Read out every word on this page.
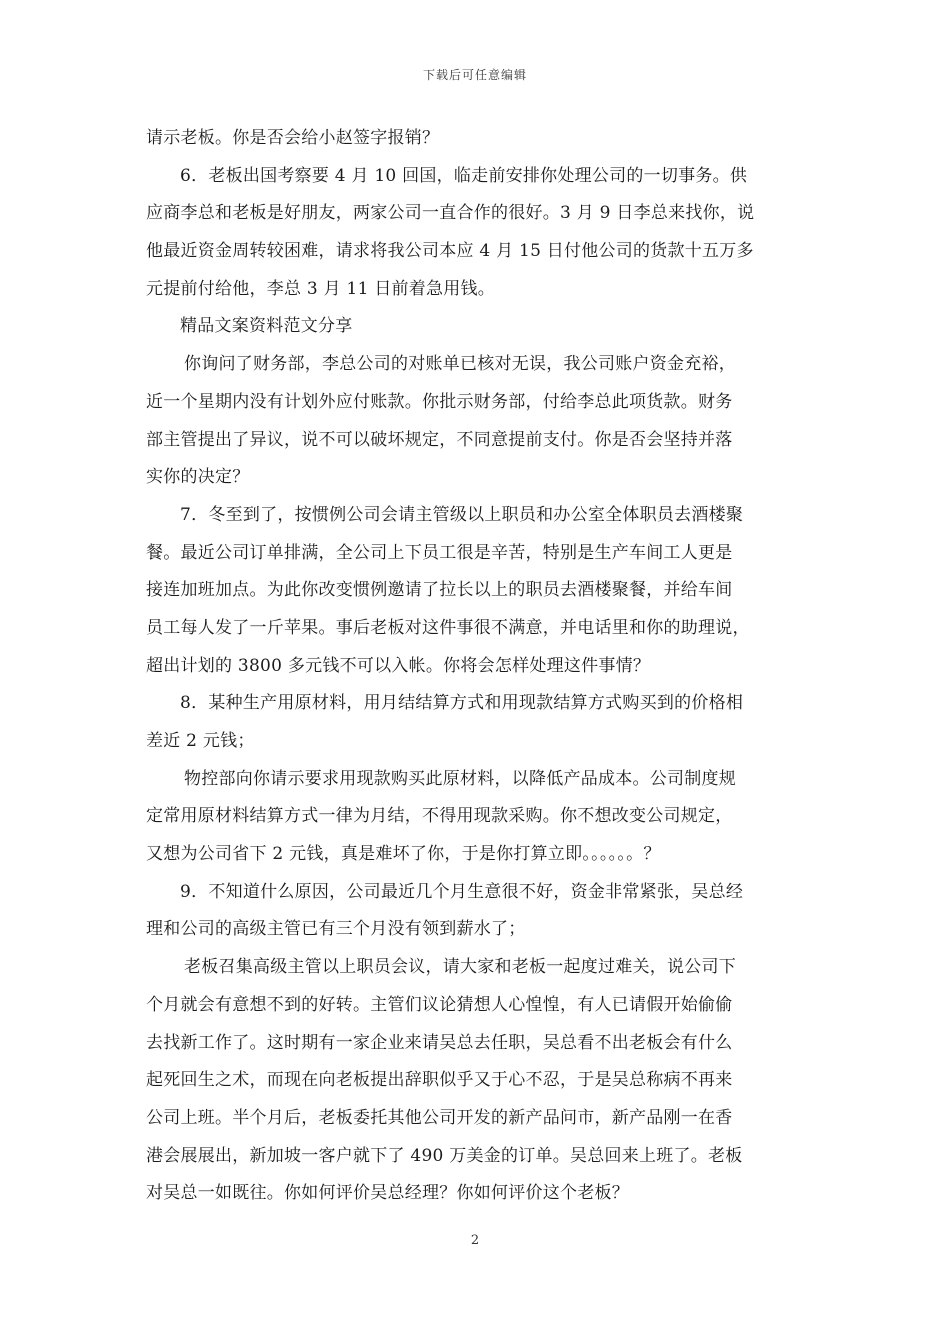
下载后可任意编辑
请示老板。你是否会给小赵签字报销？
6．老板出国考察要 4 月 10 回国，临走前安排你处理公司的一切事务。供
应商李总和老板是好朋友，两家公司一直合作的很好。3 月 9 日李总来找你，说
他最近资金周转较困难，请求将我公司本应 4 月 15 日付他公司的货款十五万多
元提前付给他，李总 3 月 11 日前着急用钱。
精品文案资料范文分享
你询问了财务部，李总公司的对账单已核对无误，我公司账户资金充裕，
近一个星期内没有计划外应付账款。你批示财务部，付给李总此项货款。财务
部主管提出了异议，说不可以破坏规定，不同意提前支付。你是否会坚持并落
实你的决定？
7．冬至到了，按惯例公司会请主管级以上职员和办公室全体职员去酒楼聚
餐。最近公司订单排满，全公司上下员工很是辛苦，特别是生产车间工人更是
接连加班加点。为此你改变惯例邀请了拉长以上的职员去酒楼聚餐，并给车间
员工每人发了一斤苹果。事后老板对这件事很不满意，并电话里和你的助理说，
超出计划的 3800 多元钱不可以入帐。你将会怎样处理这件事情？
8．某种生产用原材料，用月结结算方式和用现款结算方式购买到的价格相
差近 2 元钱；
物控部向你请示要求用现款购买此原材料，以降低产品成本。公司制度规
定常用原材料结算方式一律为月结，不得用现款采购。你不想改变公司规定，
又想为公司省下 2 元钱，真是难坏了你，于是你打算立即。。。。。。？
9．不知道什么原因，公司最近几个月生意很不好，资金非常紧张，吴总经
理和公司的高级主管已有三个月没有领到薪水了；
老板召集高级主管以上职员会议，请大家和老板一起度过难关，说公司下
个月就会有意想不到的好转。主管们议论猜想人心惶惶，有人已请假开始偷偷
去找新工作了。这时期有一家企业来请吴总去任职，吴总看不出老板会有什么
起死回生之术，而现在向老板提出辞职似乎又于心不忍，于是吴总称病不再来
公司上班。半个月后，老板委托其他公司开发的新产品问市，新产品刚一在香
港会展展出，新加坡一客户就下了 490 万美金的订单。吴总回来上班了。老板
对吴总一如既往。你如何评价吴总经理？你如何评价这个老板？
2
